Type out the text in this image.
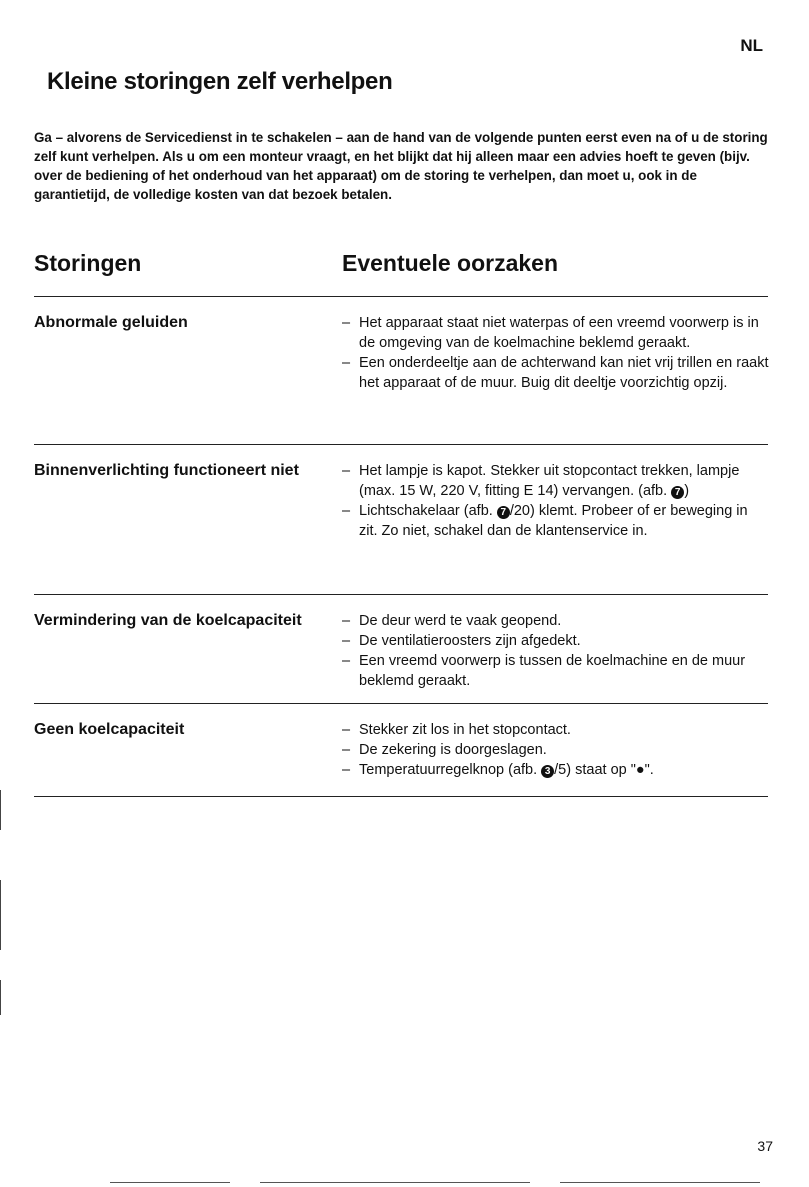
NL
Kleine storingen zelf verhelpen

Ga – alvorens de Servicedienst in te schakelen – aan de hand van de volgende punten eerst even na of u de storing zelf kunt verhelpen. Als u om een monteur vraagt, en het blijkt dat hij alleen maar een advies hoeft te geven (bijv. over de bediening of het onderhoud van het apparaat) om de storing te verhelpen, dan moet u, ook in de garantietijd, de volledige kosten van dat bezoek betalen.

Storingen	Eventuele oorzaken
Abnormale geluiden	– Het apparaat staat niet waterpas of een vreemd voorwerp is in de omgeving van de koelmachine beklemd geraakt.
– Een onderdeeltje aan de achterwand kan niet vrij trillen en raakt het apparaat of de muur. Buig dit deeltje voorzichtig opzij.
Binnenverlichting functioneert niet	– Het lampje is kapot. Stekker uit stopcontact trekken, lampje (max. 15 W, 220 V, fitting E 14) vervangen. (afb. 7 )
– Lichtschakelaar (afb. 7 /20) klemt. Probeer of er beweging in zit. Zo niet, schakel dan de klantenservice in.
Vermindering van de koelcapaciteit	– De deur werd te vaak geopend.
– De ventilatieroosters zijn afgedekt.
– Een vreemd voorwerp is tussen de koelmachine en de muur beklemd geraakt.
Geen koelcapaciteit	– Stekker zit los in het stopcontact.
– De zekering is doorgeslagen.
– Temperatuurregelknop (afb. 3 /5) staat op "●".
37
